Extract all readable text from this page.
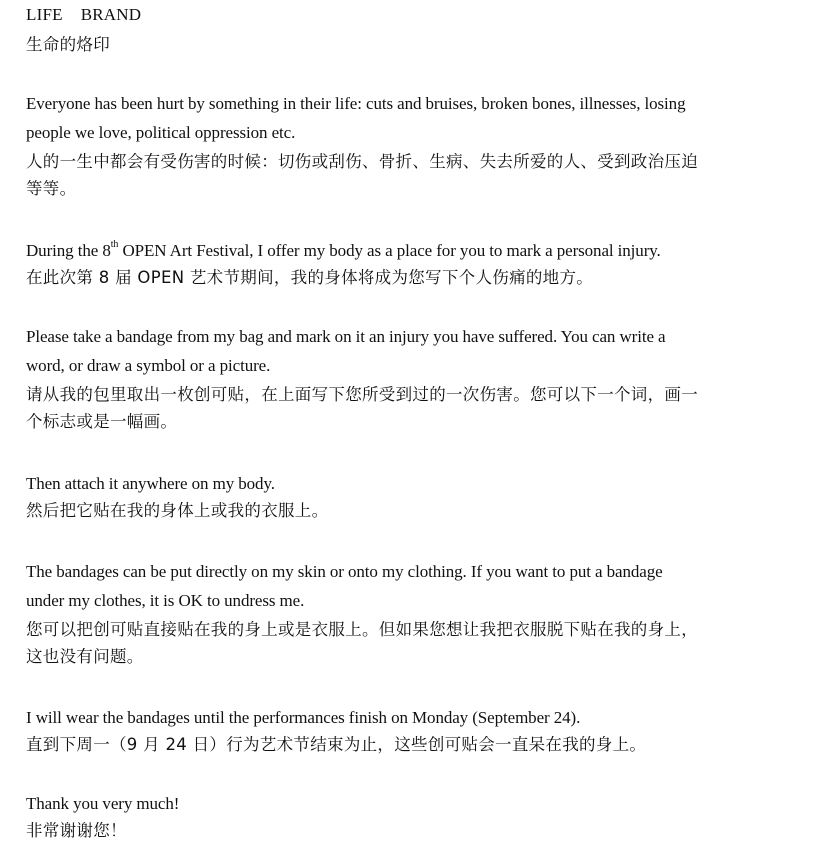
LIFE BRAND
生命的烙印
Everyone has been hurt by something in their life: cuts and bruises, broken bones, illnesses, losing
people we love, political oppression etc.
人的一生中都会有受伤害的时候：切伤或刮伤、骨折、生病、失去所爱的人、受到政治压迫
等等。
During the 8th OPEN Art Festival, I offer my body as a place for you to mark a personal injury.
在此次第 8 届 OPEN 艺术节期间，我的身体将成为您写下个人伤痛的地方。
Please take a bandage from my bag and mark on it an injury you have suffered. You can write a
word, or draw a symbol or a picture.
请从我的包里取出一枚创可贴，在上面写下您所受到过的一次伤害。您可以下一个词，画一
个标志或是一幅画。
Then attach it anywhere on my body.
然后把它贴在我的身体上或我的衣服上。
The bandages can be put directly on my skin or onto my clothing. If you want to put a bandage
under my clothes, it is OK to undress me.
您可以把创可贴直接贴在我的身上或是衣服上。但如果您想让我把衣服脱下贴在我的身上，
这也没有问题。
I will wear the bandages until the performances finish on Monday (September 24).
直到下周一（9 月 24 日）行为艺术节结束为止，这些创可贴会一直呆在我的身上。
Thank you very much!
非常谢谢您！
